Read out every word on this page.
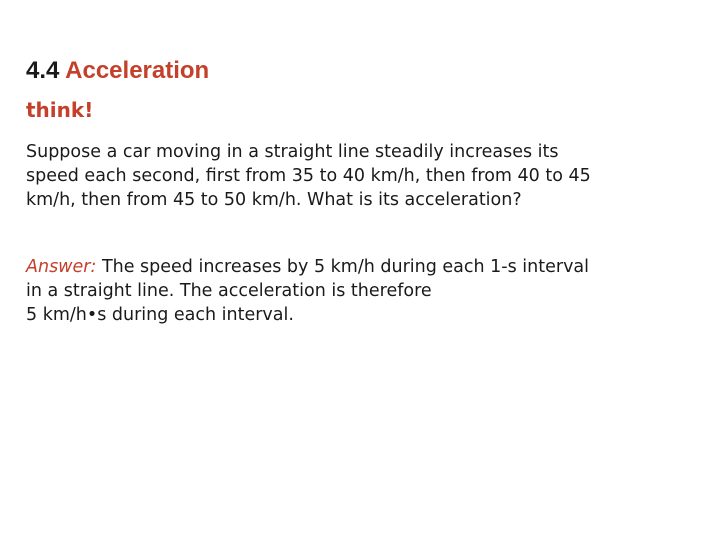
4.4 Acceleration
think!
Suppose a car moving in a straight line steadily increases its
speed each second, first from 35 to 40 km/h, then from 40 to 45
km/h, then from 45 to 50 km/h. What is its acceleration?
Answer: The speed increases by 5 km/h during each 1-s interval
in a straight line. The acceleration is therefore
5 km/h•s during each interval.
